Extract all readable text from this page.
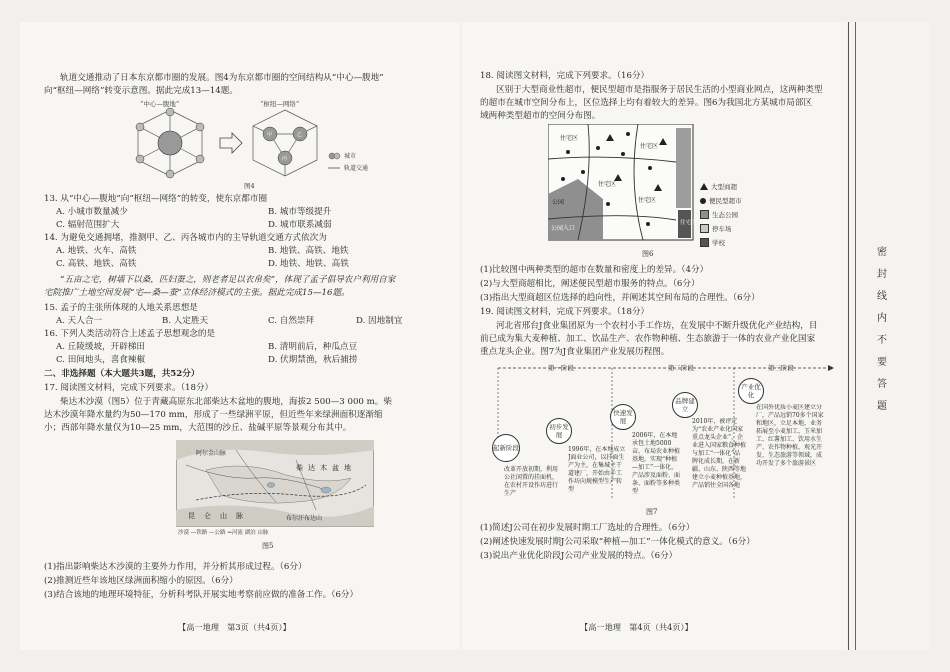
轨道交通推动了日本东京都市圈的发展。图4为东京都市圈的空间结构从“中心—腹地”
向“枢纽—网络”转变示意图。据此完成13—14题。
“中心—腹地”	“枢纽—网络”
甲	乙
丙	城市
轨道交通
图4
13. 从“中心—腹地”向“枢纽—网络”的转变，使东京都市圈
A. 小城市数量减少	B. 城市等级提升
C. 辐射范围扩大	D. 城市联系减弱
14. 为避免交通拥堵，推测甲、乙、丙各城市内的主导轨道交通方式依次为
A. 地铁、火车、高铁	B. 地铁、高铁、地铁
C. 高铁、地铁、高铁	D. 地铁、地铁、高铁
“五亩之宅，树墙下以桑，匹妇蚕之，则老者足以衣帛矣”，体现了孟子倡导农户利用自家
宅院推广土地空间发展“宅—桑—蚕”立体经济模式的主张。据此完成15—16题。
15. 孟子的主张所体现的人地关系思想是
A. 天人合一	B. 人定胜天	C. 自然崇拜	D. 因地制宜
16. 下列人类活动符合上述孟子思想观念的是
A. 丘陵缓坡，开辟梯田	B. 清明前后，种瓜点豆
C. 田间地头，喜食辣椒	D. 伏期禁渔，秋后捕捞
二、非选择题（本大题共3题，共52分）
17. 阅读图文材料，完成下列要求。（18分）
柴达木沙漠（图5）位于青藏高原东北部柴达木盆地的腹地，海拔2 500—3 000 m。柴
达木沙漠年降水量约为50—170 mm，形成了一些绿洲平原，但近些年来绿洲面积逐渐缩
小；西部年降水量仅为10—25 mm，大范围的沙丘、盐碱平原等景观分布其中。
阿尔金山脉
柴 达 木 盆 地
昆 仑 山 脉	布尔汗布达山
沙漠 —铁路 —公路 ⇝河流 湖泊 山脉
图5
(1)指出影响柴达木沙漠的主要外力作用，并分析其形成过程。（6分）
(2)推测近些年该地区绿洲面积缩小的原因。（6分）
(3)结合该地的地理环境特征，分析科考队开展实地考察前应做的准备工作。（6分）
【高一地理　第3页（共4页）】
18. 阅读图文材料，完成下列要求。（16分）
区别于大型商业性超市，便民型超市是指服务于居民生活的小型商业网点，这两种类型
的超市在城市空间分布上，区位选择上均有着较大的差异。图6为我国北方某城市局部区
域两种类型超市的空间分布图。
住宅区
住宅区
住宅区
住宅区
公园
公园入口
住宅区
大型商超
便民型超市
生态公园
停车场
学校
图6
(1)比较图中两种类型的超市在数量和密度上的差异。（4分）
(2)与大型商超相比，阐述便民型超市服务的特点。（6分）
(3)指出大型商超区位选择的趋向性，并阐述其空间布局的合理性。（6分）
19. 阅读图文材料，完成下列要求。（18分）
河北省邢台J食业集团原为一个农村小手工作坊，在发展中不断升级优化产业结构，目
前已成为集大麦种植、加工、饮品生产、农作物种植、生态旅游于一体的农业产业化国家
重点龙头企业。图7为J食业集团产业发展历程图。
第一阶段	第二阶段	第三阶段
起新阶段
初步发展
快速发展
品牌建立
产业优化
改革开放初期，利用公社闲置的挂面机，在农村开设作坊进行生产
1996年，在本地成立J面业公司，以挂面生产为主，在集城主干道建厂，开始由手工作坊向规模型生产转型
2006年，在本地承包土地5000亩，布局农业种植基地，实现“种植—加工”一体化，产品涉及面粉、面条、面粉等多种类型
2010年，被评定为“农业产业化国家重点龙头企业”，企业进入国家粮食种植与加工“一体化”品牌化成长期，在新疆、山东、陕西等地建立小麦种植基地，产品销往全国各地
在国外优质小麦区建立分厂，产品远销70多个国家和地区，立足本地，业务拓展至小麦加工、玉米加工、红薯加工、饮用水生产、农作物种植、观光开发、生态旅游等领域，成功开发了多个旅游景区
图7
(1)简述J公司在初步发展时期工厂选址的合理性。（6分）
(2)阐述快速发展时期J公司采取“种植—加工”一体化模式的意义。（6分）
(3)说出产业优化阶段J公司产业发展的特点。（6分）
【高一地理　第4页（共4页）】
密
封
线
内
不
要
答
题
